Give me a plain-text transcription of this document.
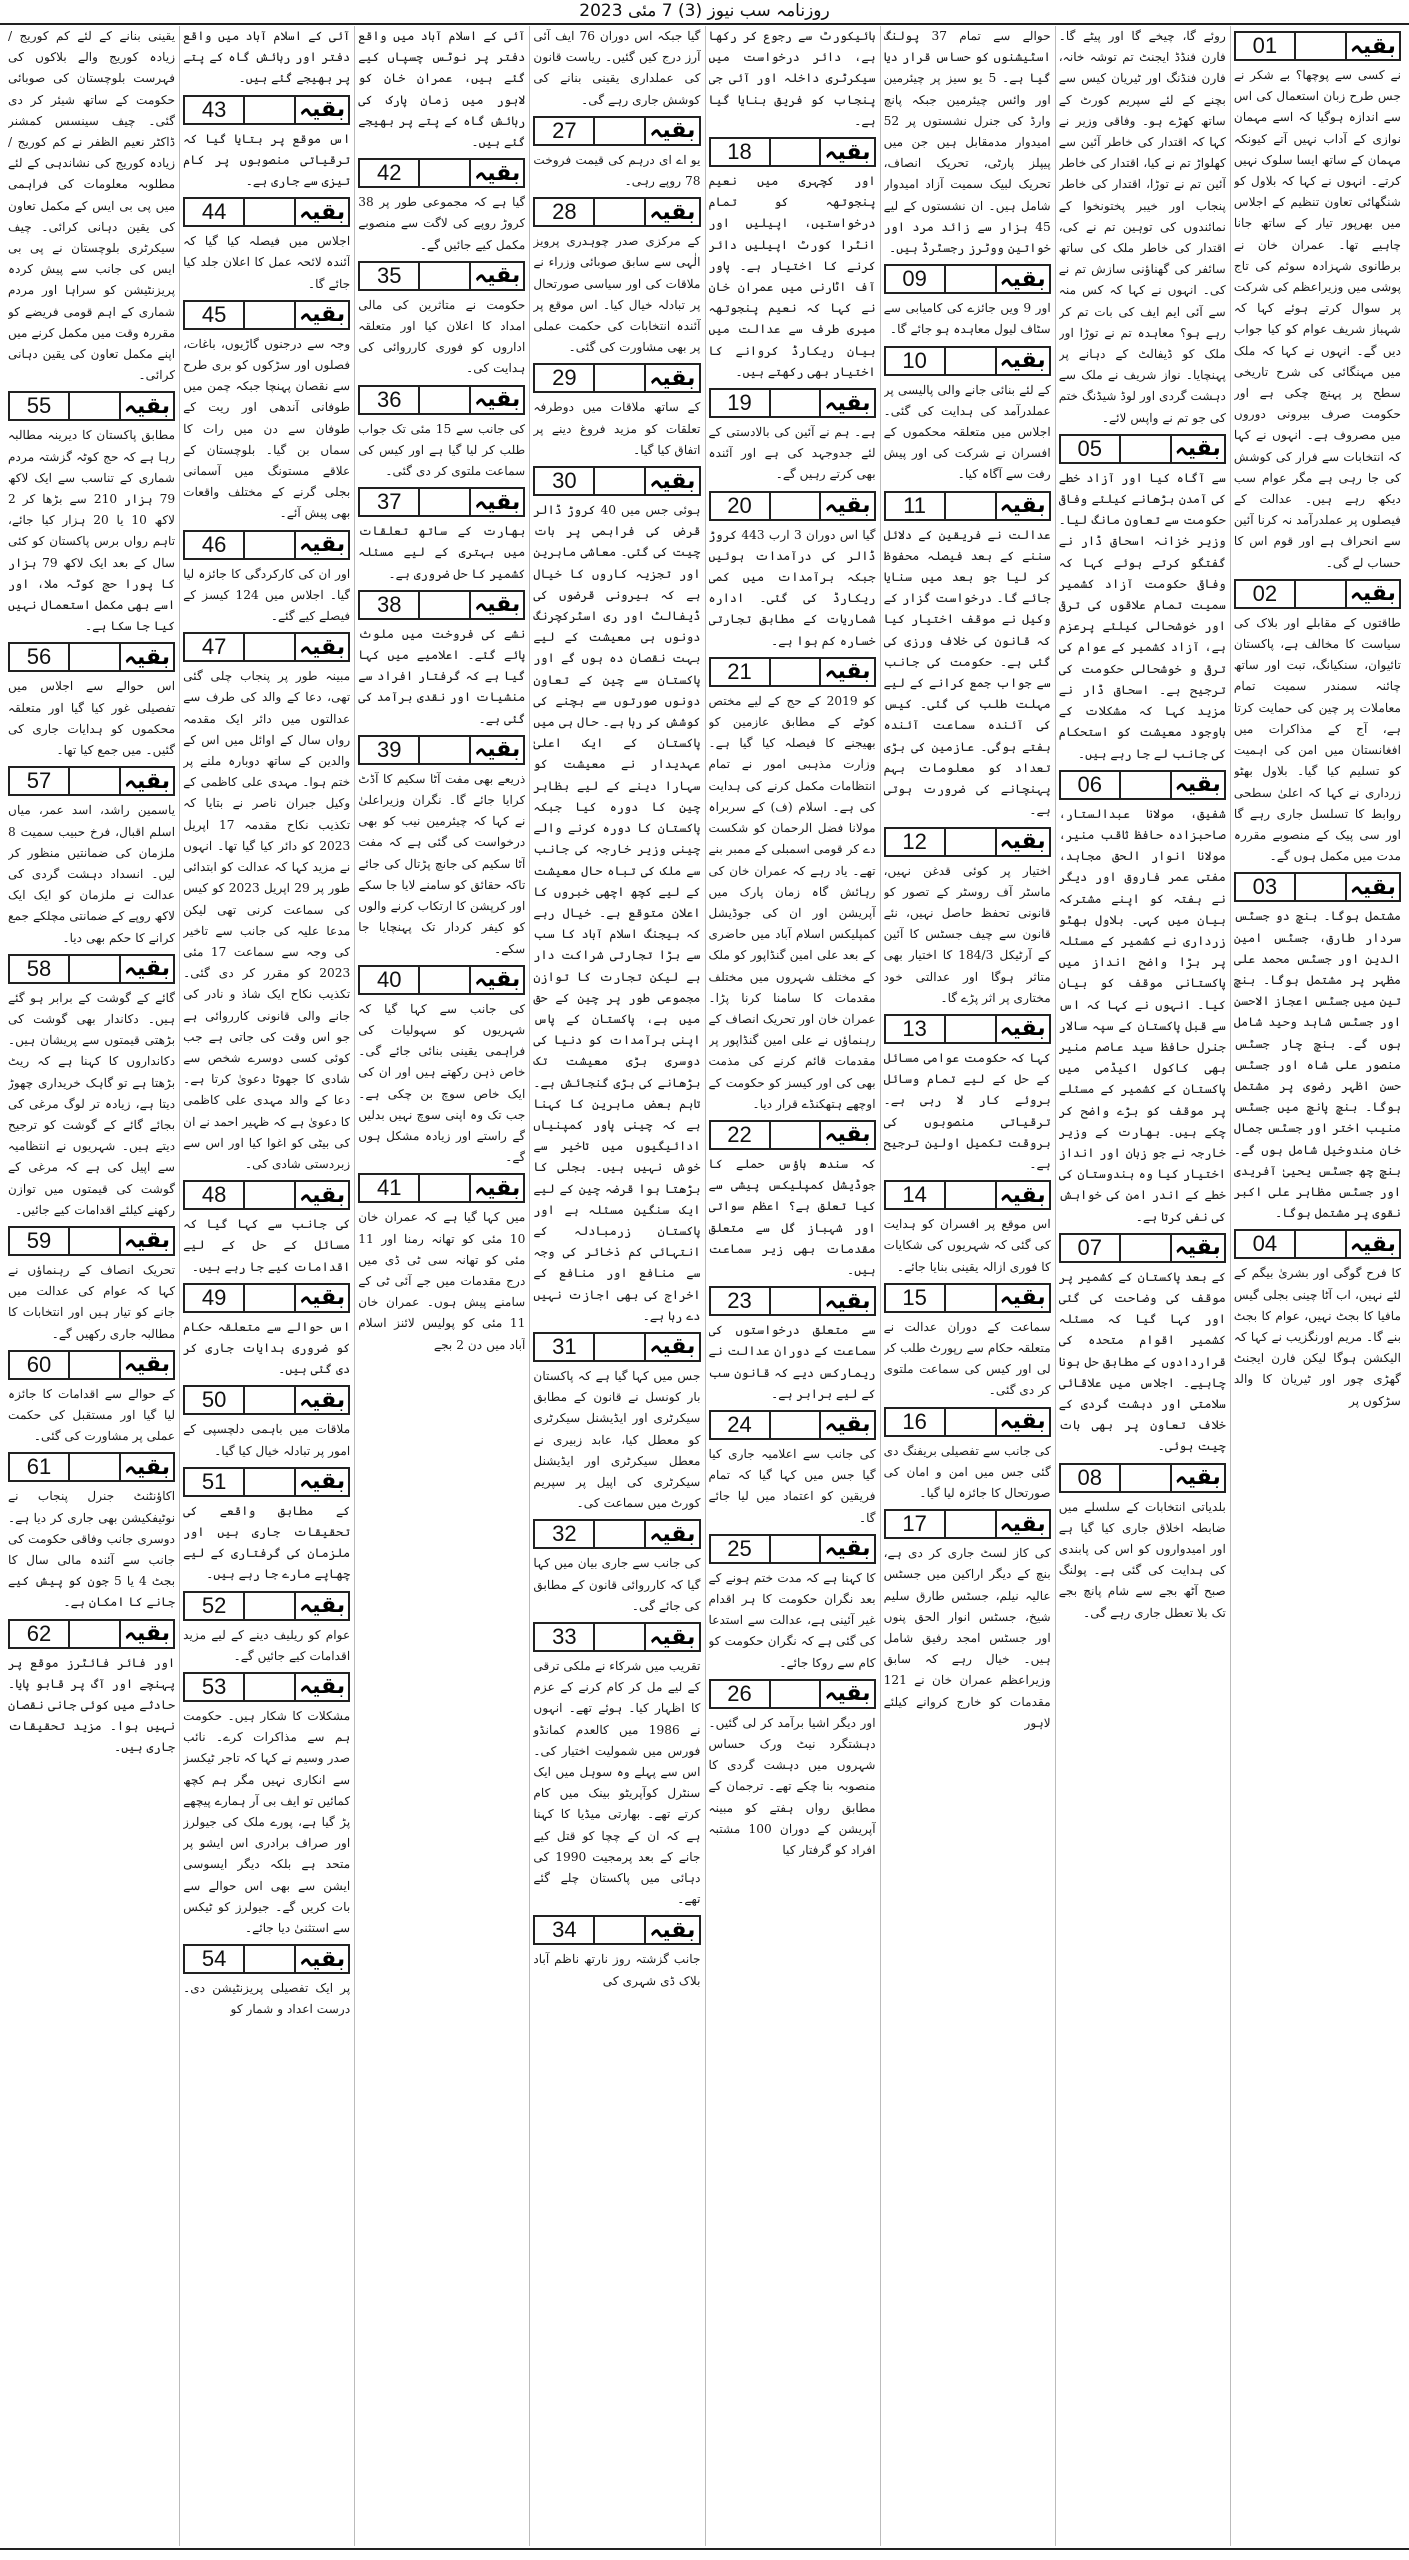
روزنامہ سب نیوز (3) 7 مئی 2023
بقیہ
01

نے کسی سے پوچھا؟ بے شکر نے جس طرح زبان استعمال کی اس سے اندازہ ہوگیا کہ اسے مہمان نوازی کے آداب نہیں آتے کیونکہ مہمان کے ساتھ ایسا سلوک نہیں کرتے۔ انہوں نے کہا کہ بلاول کو شنگھائی تعاون تنظیم کے اجلاس میں بھرپور تیار کے ساتھ جانا چاہیے تھا۔ عمران خان نے برطانوی شہزادہ سوئم کی تاج پوشی میں وزیراعظم کی شرکت پر سوال کرتے ہوئے کہا کہ شہباز شریف عوام کو کیا جواب دیں گے۔ انہوں نے کہا کہ ملک میں مہنگائی کی شرح تاریخی سطح پر پہنچ چکی ہے اور حکومت صرف بیرونی دوروں میں مصروف ہے۔ انہوں نے کہا کہ انتخابات سے فرار کی کوشش کی جا رہی ہے مگر عوام سب دیکھ رہے ہیں۔ عدالت کے فیصلوں پر عملدرآمد نہ کرنا آئین سے انحراف ہے اور قوم اس کا حساب لے گی۔

بقیہ
02

طاقتوں کے مقابلے اور بلاک کی سیاست کا مخالف ہے، پاکستان تائیوان، سنکیانگ، تبت اور ساتھ چائنہ سمندر سمیت تمام معاملات پر چین کی حمایت کرتا ہے، آج کے مذاکرات میں افغانستان میں امن کی اہمیت کو تسلیم کیا گیا۔ بلاول بھٹو زرداری نے کہا کہ اعلیٰ سطحی روابط کا تسلسل جاری رہے گا اور سی پیک کے منصوبے مقررہ مدت میں مکمل ہوں گے۔

بقیہ
03

مشتمل ہوگا۔ بنچ دو جسٹس سردار طارق، جسٹس امین الدین اور جسٹس محمد علی مظہر پر مشتمل ہوگا۔ بنچ تین میں جسٹس اعجاز الاحسن اور جسٹس شاہد وحید شامل ہوں گے۔ بنچ چار جسٹس منصور علی شاہ اور جسٹس حسن اظہر رضوی پر مشتمل ہوگا۔ بنچ پانچ میں جسٹس منیب اختر اور جسٹس جمال خان مندوخیل شامل ہوں گے۔ بنچ چھ جسٹس یحییٰ آفریدی اور جسٹس مظاہر علی اکبر نقوی پر مشتمل ہوگا۔

بقیہ
04

کا فرح گوگی اور بشریٰ بیگم کے لئے نہیں، اب آٹا چینی بجلی گیس مافیا کا بجٹ نہیں، عوام کا بجٹ بنے گا۔ مریم اورنگزیب نے کہا کہ الیکشن ہوگا لیکن فارن ایجنٹ گھڑی چور اور ٹیریان کا والد سڑکوں پر

روئے گا، چیخے گا اور پیٹے گا۔ فارن فنڈڈ ایجنٹ تم توشہ خانہ، فارن فنڈنگ اور ٹیریان کیس سے بچنے کے لئے سپریم کورٹ کے ساتھ کھڑے ہو۔ وفاقی وزیر نے کہا کہ اقتدار کی خاطر آئین سے کھلواڑ تم نے کیا، اقتدار کی خاطر آئین تم نے توڑا، اقتدار کی خاطر پنجاب اور خیبر پختونخوا کے نمائندوں کی توہین تم نے کی، اقتدار کی خاطر ملک کی ساتھ سائفر کی گھناؤنی سازش تم نے کی۔ انہوں نے کہا کہ کس منہ سے آئی ایم ایف کی بات تم کر رہے ہو؟ معاہدہ تم نے توڑا اور ملک کو ڈیفالٹ کے دہانے پر پہنچایا۔ نواز شریف نے ملک سے دہشت گردی اور لوڈ شیڈنگ ختم کی جو تم نے واپس لائے۔

بقیہ
05

سے آگاہ کیا اور آزاد خطے کی آمدن بڑھانے کیلئے وفاقی حکومت سے تعاون مانگ لیا۔ وزیر خزانہ اسحاق ڈار نے گفتگو کرتے ہوئے کہا کہ وفاقی حکومت آزاد کشمیر سمیت تمام علاقوں کی ترقی اور خوشحالی کیلئے پرعزم ہے، آزاد کشمیر کے عوام کی ترقی و خوشحالی حکومت کی ترجیح ہے۔ اسحاق ڈار نے مزید کہا کہ مشکلات کے باوجود معیشت کو استحکام کی جانب لے جا رہے ہیں۔

بقیہ
06

شفیق، مولانا عبدالستار، صاحبزادہ حافظ ثاقب منیر، مولانا انوار الحق مجاہد، مفتی عمر فاروق اور دیگر نے ہفتہ کو اپنے مشترکہ بیان میں کہی۔ بلاول بھٹو زرداری نے کشمیر کے مسئلہ پر بڑا واضح انداز میں پاکستانی موقف کو بیان کیا۔ انہوں نے کہا کہ اس سے قبل پاکستان کے سپہ سالار جنرل حافظ سید عاصم منیر بھی کاکول اکیڈمی میں پاکستان کے کشمیر کے مسئلے پر موقف کو بڑے واضح کر چکے ہیں۔ بھارت کے وزیر خارجہ نے جو زبان اور انداز اختیار کیا وہ ہندوستان کی خطے کے اندر امن کی خواہش کی نفی کرتا ہے۔

بقیہ
07

کے بعد پاکستان کے کشمیر پر موقف کی وضاحت کی گئی اور کہا گیا کہ مسئلہ کشمیر اقوام متحدہ کی قراردادوں کے مطابق حل ہونا چاہیے۔ اجلاس میں علاقائی سلامتی اور دہشت گردی کے خلاف تعاون پر بھی بات چیت ہوئی۔

بقیہ
08

بلدیاتی انتخابات کے سلسلے میں ضابطہ اخلاق جاری کیا گیا ہے اور امیدواروں کو اس کی پابندی کی ہدایت کی گئی ہے۔ پولنگ صبح آٹھ بجے سے شام پانچ بجے تک بلا تعطل جاری رہے گی۔

حوالے سے تمام 37 پولنگ اسٹیشنوں کو حساس قرار دیا گیا ہے۔ 5 یو سیز پر چیئرمین اور وائس چیئرمین جبکہ پانچ وارڈ کی جنرل نشستوں پر 52 امیدوار مدمقابل ہیں جن میں پیپلز پارٹی، تحریک انصاف، تحریک لبیک سمیت آزاد امیدوار شامل ہیں۔ ان نشستوں کے لیے 45 ہزار سے زائد مرد اور خواتین ووٹرز رجسٹرڈ ہیں۔

بقیہ
09

اور 9 ویں جائزے کی کامیابی سے سٹاف لیول معاہدہ ہو جائے گا۔

بقیہ
10

کے لئے بنائی جانے والی پالیسی پر عملدرآمد کی ہدایت کی گئی۔ اجلاس میں متعلقہ محکموں کے افسران نے شرکت کی اور پیش رفت سے آگاہ کیا۔

بقیہ
11

عدالت نے فریقین کے دلائل سننے کے بعد فیصلہ محفوظ کر لیا جو بعد میں سنایا جائے گا۔ درخواست گزار کے وکیل نے موقف اختیار کیا کہ قانون کی خلاف ورزی کی گئی ہے۔ حکومت کی جانب سے جواب جمع کرانے کے لیے مہلت طلب کی گئی۔ کیس کی آئندہ سماعت آئندہ ہفتے ہوگی۔ عازمین کی بڑی تعداد کو معلومات بہم پہنچانے کی ضرورت ہوتی ہے۔

بقیہ
12

اختیار پر کوئی قدغن نہیں، ماسٹر آف روسٹر کے تصور کو قانونی تحفظ حاصل نہیں، نئے قانون سے چیف جسٹس کا آئین کے آرٹیکل 184/3 کا اختیار بھی متاثر ہوگا اور عدالتی خود مختاری پر اثر پڑے گا۔

بقیہ
13

کہا کہ حکومت عوامی مسائل کے حل کے لیے تمام وسائل بروئے کار لا رہی ہے۔ ترقیاتی منصوبوں کی بروقت تکمیل اولین ترجیح ہے۔

بقیہ
14

اس موقع پر افسران کو ہدایت کی گئی کہ شہریوں کی شکایات کا فوری ازالہ یقینی بنایا جائے۔

بقیہ
15

سماعت کے دوران عدالت نے متعلقہ حکام سے رپورٹ طلب کر لی اور کیس کی سماعت ملتوی کر دی گئی۔

بقیہ
16

کی جانب سے تفصیلی بریفنگ دی گئی جس میں امن و امان کی صورتحال کا جائزہ لیا گیا۔

بقیہ
17

کی کاز لسٹ جاری کر دی ہے، بنچ کے دیگر اراکین میں جسٹس عالیہ نیلم، جسٹس طارق سلیم شیخ، جسٹس انوار الحق پنوں اور جسٹس امجد رفیق شامل ہیں۔ خیال رہے کہ سابق وزیراعظم عمران خان نے 121 مقدمات کو خارج کروانے کیلئے لاہور

ہائیکورٹ سے رجوع کر رکھا ہے، دائر درخواست میں سیکرٹری داخلہ اور آئی جی پنجاب کو فریق بنایا گیا ہے۔

بقیہ
18

اور کچہری میں نعیم پنجوتھہ کو تمام درخواستیں، اپیلیں اور انٹرا کورٹ اپیلیں دائر کرنے کا اختیار ہے۔ پاور آف اٹارنی میں عمران خان نے کہا کہ نعیم پنجوتھہ میری طرف سے عدالت میں بیان ریکارڈ کروانے کا اختیار بھی رکھتے ہیں۔

بقیہ
19

ہے۔ ہم نے آئین کی بالادستی کے لئے جدوجہد کی ہے اور آئندہ بھی کرتے رہیں گے۔

بقیہ
20

گیا اس دوران 3 ارب 443 کروڑ ڈالر کی درآمدات ہوئیں جبکہ برآمدات میں کمی ریکارڈ کی گئی۔ ادارہ شماریات کے مطابق تجارتی خسارہ کم ہوا ہے۔

بقیہ
21

کو 2019 کے حج کے لیے مختص کوٹے کے مطابق عازمین کو بھیجنے کا فیصلہ کیا گیا ہے۔ وزارت مذہبی امور نے تمام انتظامات مکمل کرنے کی ہدایت کی ہے۔ اسلام (ف) کے سربراہ مولانا فضل الرحمان کو شکست دے کر قومی اسمبلی کے ممبر بنے تھے۔ یاد رہے کہ عمران خان کی رہائش گاہ زمان پارک میں آپریشن اور ان کی جوڈیشل کمپلیکس اسلام آباد میں حاضری کے بعد علی امین گنڈاپور کو ملک کے مختلف شہروں میں مختلف مقدمات کا سامنا کرنا پڑا۔ عمران خان اور تحریک انصاف کے رہنماؤں نے علی امین گنڈاپور پر مقدمات قائم کرنے کی مذمت بھی کی اور کیسز کو حکومت کے اوچھے ہتھکنڈے قرار دیا۔

بقیہ
22

کہ سندھ ہاؤس حملے کا جوڈیشل کمپلیکس پیشی سے کیا تعلق ہے؟ اعظم سواتی اور شہباز گل سے متعلق مقدمات بھی زیر سماعت ہیں۔

بقیہ
23

سے متعلق درخواستوں کی سماعت کے دوران عدالت نے ریمارکس دیے کہ قانون سب کے لیے برابر ہے۔

بقیہ
24

کی جانب سے اعلامیہ جاری کیا گیا جس میں کہا گیا کہ تمام فریقین کو اعتماد میں لیا جائے گا۔

بقیہ
25

کا کہنا ہے کہ مدت ختم ہونے کے بعد نگران حکومت کا ہر اقدام غیر آئینی ہے، عدالت سے استدعا کی گئی ہے کہ نگران حکومت کو کام سے روکا جائے۔

بقیہ
26

اور دیگر اشیا برآمد کر لی گئیں۔ دہشتگرد نیٹ ورک حساس شہروں میں دہشت گردی کا منصوبہ بنا چکے تھے۔ ترجمان کے مطابق رواں ہفتے کو مبینہ آپریشن کے دوران 100 مشتبہ افراد کو گرفتار کیا

گیا جبکہ اس دوران 76 ایف آئی آرز درج کیں گئیں۔ ریاست قانون کی عملداری یقینی بنانے کی کوشش جاری رہے گی۔

بقیہ
27

یو اے ای درہم کی قیمت فروخت 78 روپے رہی۔

بقیہ
28

کے مرکزی صدر چوہدری پرویز الٰہی سے سابق صوبائی وزراء نے ملاقات کی اور سیاسی صورتحال پر تبادلہ خیال کیا۔ اس موقع پر آئندہ انتخابات کی حکمت عملی پر بھی مشاورت کی گئی۔

بقیہ
29

کے ساتھ ملاقات میں دوطرفہ تعلقات کو مزید فروغ دینے پر اتفاق کیا گیا۔

بقیہ
30

ہوئی جس میں 40 کروڑ ڈالر قرض کی فراہمی پر بات چیت کی گئی۔ معاشی ماہرین اور تجزیہ کاروں کا خیال ہے کہ بیرونی قرضوں کی ڈیفالٹ اور ری اسٹرکچرنگ دونوں ہی معیشت کے لیے بہت نقصان دہ ہوں گے اور پاکستان سے چین کے تعاون دونوں صورتوں سے بچنے کی کوشش کر رہا ہے۔ حال ہی میں پاکستان کے ایک اعلیٰ عہدیدار نے معیشت کو سہارا دینے کے لیے بظاہر چین کا دورہ کیا جبکہ پاکستان کا دورہ کرنے والے چینی وزیر خارجہ کی جانب سے ملک کی تباہ حال معیشت کے لیے کچھ اچھی خبروں کا اعلان متوقع ہے۔ خیال رہے کہ بیجنگ اسلام آباد کا سب سے بڑا تجارتی شراکت دار ہے لیکن تجارت کا توازن مجموعی طور پر چین کے حق میں ہے، پاکستان کے پاس اپنی برآمدات کو دنیا کی دوسری بڑی معیشت تک بڑھانے کی بڑی گنجائش ہے۔ تاہم بعض ماہرین کا کہنا ہے کہ چینی پاور کمپنیاں ادائیگیوں میں تاخیر سے خوش نہیں ہیں۔ بجلی کا بڑھتا ہوا قرضہ چین کے لیے ایک سنگین مسئلہ ہے اور پاکستان زرمبادلہ کے انتہائی کم ذخائر کی وجہ سے منافع اور منافع کے اخراج کی بھی اجازت نہیں دے رہا ہے۔

بقیہ
31

جس میں کہا گیا ہے کہ پاکستان بار کونسل نے قانون کے مطابق سیکرٹری اور ایڈیشنل سیکرٹری کو معطل کیا، عابد زبیری نے معطل سیکرٹری اور ایڈیشنل سیکرٹری کی اپیل پر سپریم کورٹ میں سماعت کی۔

بقیہ
32

کی جانب سے جاری بیان میں کہا گیا کہ کارروائی قانون کے مطابق کی جائے گی۔

بقیہ
33

تقریب میں شرکاء نے ملکی ترقی کے لیے مل کر کام کرنے کے عزم کا اظہار کیا۔ ہوئے تھے۔ انہوں نے 1986 میں کالعدم کمانڈو فورس میں شمولیت اختیار کی۔ اس سے پہلے وہ سوہل میں ایک سنٹرل کوآپریٹو بینک میں کام کرتے تھے۔ بھارتی میڈیا کا کہنا ہے کہ ان کے چچا کو قتل کیے جانے کے بعد پرمجیت 1990 کی دہائی میں پاکستان چلے گئے تھے۔

بقیہ
34

جانب گزشتہ روز نارتھ ناظم آباد بلاک ڈی شہری کی

آئی کے اسلام آباد میں واقع دفتر پر نوٹس چسپاں کیے گئے ہیں، عمران خان کو لاہور میں زمان پارک کی رہائش گاہ کے پتے پر بھیجے گئے ہیں۔

بقیہ
42

گیا ہے کہ مجموعی طور پر 38 کروڑ روپے کی لاگت سے منصوبے مکمل کیے جائیں گے۔

بقیہ
35

حکومت نے متاثرین کی مالی امداد کا اعلان کیا اور متعلقہ اداروں کو فوری کارروائی کی ہدایت کی۔

بقیہ
36

کی جانب سے 15 مئی تک جواب طلب کر لیا گیا ہے اور کیس کی سماعت ملتوی کر دی گئی۔

بقیہ
37

بھارت کے ساتھ تعلقات میں بہتری کے لیے مسئلہ کشمیر کا حل ضروری ہے۔

بقیہ
38

نشے کی فروخت میں ملوث پائے گئے۔ اعلامیے میں کہا گیا ہے کہ گرفتار افراد سے منشیات اور نقدی برآمد کی گئی ہے۔

بقیہ
39

ذریعے بھی مفت آٹا سکیم کا آڈٹ کرایا جائے گا۔ نگران وزیراعلیٰ نے کہا کہ چیئرمین نیب کو بھی درخواست کی گئی ہے کہ مفت آٹا سکیم کی جانچ پڑتال کی جائے تاکہ حقائق کو سامنے لایا جا سکے اور کرپشن کا ارتکاب کرنے والوں کو کیفر کردار تک پہنچایا جا سکے۔

بقیہ
40

کی جانب سے کہا گیا کہ شہریوں کو سہولیات کی فراہمی یقینی بنائی جائے گی۔ خاص ذہن رکھتے ہیں اور ان کی ایک خاص سوچ بن چکی ہے۔ جب تک وہ اپنی سوچ نہیں بدلیں گے راستے اور زیادہ مشکل ہوں گے۔

بقیہ
41

میں کہا گیا ہے کہ عمران خان 10 مئی کو تھانہ رمنا اور 11 مئی کو تھانہ سی ٹی ڈی میں درج مقدمات میں جے آئی ٹی کے سامنے پیش ہوں۔ عمران خان 11 مئی کو پولیس لائنز اسلام آباد میں دن 2 بجے

آئی کے اسلام آباد میں واقع دفتر اور رہائش گاہ کے پتے پر بھیجے گئے ہیں۔

بقیہ
43

اس موقع پر بتایا گیا کہ ترقیاتی منصوبوں پر کام تیزی سے جاری ہے۔

بقیہ
44

اجلاس میں فیصلہ کیا گیا کہ آئندہ لائحہ عمل کا اعلان جلد کیا جائے گا۔

بقیہ
45

وجہ سے درجنوں گاڑیوں، باغات، فصلوں اور سڑکوں کو بری طرح سے نقصان پہنچا جبکہ چمن میں طوفانی آندھی اور ریت کے طوفان سے دن میں رات کا سماں بن گیا۔ بلوچستان کے علاقے مستونگ میں آسمانی بجلی گرنے کے مختلف واقعات بھی پیش آئے۔

بقیہ
46

اور ان کی کارکردگی کا جائزہ لیا گیا۔ اجلاس میں 124 کیسز کے فیصلے کیے گئے۔

بقیہ
47

مبینہ طور پر پنجاب چلی گئی تھی، دعا کے والد کی طرف سے عدالتوں میں دائر ایک مقدمہ رواں سال کے اوائل میں اس کے والدین کے ساتھ دوبارہ ملنے پر ختم ہوا۔ مہدی علی کاظمی کے وکیل جبران ناصر نے بتایا کہ تکذیب نکاح مقدمہ 17 اپریل 2023 کو دائر کیا گیا تھا۔ انہوں نے مزید کہا کہ عدالت کو ابتدائی طور پر 29 اپریل 2023 کو کیس کی سماعت کرنی تھی لیکن مدعا علیہ کی جانب سے تاخیر کی وجہ سے سماعت 17 مئی 2023 کو مقرر کر دی گئی۔ تکذیب نکاح ایک شاذ و نادر کی جانے والی قانونی کارروائی ہے جو اس وقت کی جاتی ہے جب کوئی کسی دوسرے شخص سے شادی کا جھوٹا دعویٰ کرتا ہے۔ دعا کے والد مہدی علی کاظمی کا دعویٰ ہے کہ ظہیر احمد نے ان کی بیٹی کو اغوا کیا اور اس سے زبردستی شادی کی۔

بقیہ
48

کی جانب سے کہا گیا کہ مسائل کے حل کے لیے اقدامات کیے جا رہے ہیں۔

بقیہ
49

اس حوالے سے متعلقہ حکام کو ضروری ہدایات جاری کر دی گئی ہیں۔

بقیہ
50

ملاقات میں باہمی دلچسپی کے امور پر تبادلہ خیال کیا گیا۔

بقیہ
51

کے مطابق واقعے کی تحقیقات جاری ہیں اور ملزمان کی گرفتاری کے لیے چھاپے مارے جا رہے ہیں۔

بقیہ
52

عوام کو ریلیف دینے کے لیے مزید اقدامات کیے جائیں گے۔

بقیہ
53

مشکلات کا شکار ہیں۔ حکومت ہم سے مذاکرات کرے۔ نائب صدر وسیم نے کہا کہ تاجر ٹیکسز سے انکاری نہیں مگر ہم کچھ کمائیں تو ایف بی آر ہمارے پیچھے پڑ گیا ہے، پورے ملک کی جیولرز اور صراف برادری اس ایشو پر متحد ہے بلکہ دیگر ایسوسی ایشن سے بھی اس حوالے سے بات کریں گے۔ جیولرز کو ٹیکس سے استثنیٰ دیا جائے۔

بقیہ
54

پر ایک تفصیلی پریزنٹیشن دی۔ درست اعداد و شمار کو

یقینی بنانے کے لئے کم کوریج / زیادہ کوریج والے بلاکوں کی فہرست بلوچستان کی صوبائی حکومت کے ساتھ شیئر کر دی گئی۔ چیف سینسس کمشنر ڈاکٹر نعیم الظفر نے کم کوریج / زیادہ کوریج کی نشاندہی کے لئے مطلوبہ معلومات کی فراہمی میں پی بی ایس کے مکمل تعاون کی یقین دہانی کرائی۔ چیف سیکرٹری بلوچستان نے پی بی ایس کی جانب سے پیش کردہ پریزنٹیشن کو سراہا اور مردم شماری کے اہم قومی فریضے کو مقررہ وقت میں مکمل کرنے میں اپنے مکمل تعاون کی یقین دہانی کرائی۔

بقیہ
55

مطابق پاکستان کا دیرینہ مطالبہ رہا ہے کہ حج کوٹہ گزشتہ مردم شماری کے تناسب سے ایک لاکھ 79 ہزار 210 سے بڑھا کر 2 لاکھ 10 یا 20 ہزار کیا جائے، تاہم رواں برس پاکستان کو کئی سال کے بعد ایک لاکھ 79 ہزار کا پورا حج کوٹہ ملا، اور اسے بھی مکمل استعمال نہیں کیا جا سکا ہے۔

بقیہ
56

اس حوالے سے اجلاس میں تفصیلی غور کیا گیا اور متعلقہ محکموں کو ہدایات جاری کی گئیں۔ میں جمع کیا تھا۔

بقیہ
57

یاسمین راشد، اسد عمر، میاں اسلم اقبال، فرخ حبیب سمیت 8 ملزمان کی ضمانتیں منظور کر لیں۔ انسداد دہشت گردی کی عدالت نے ملزمان کو ایک ایک لاکھ روپے کے ضمانتی مچلکے جمع کرانے کا حکم بھی دیا۔

بقیہ
58

گائے کے گوشت کے برابر ہو گئے ہیں۔ دکاندار بھی گوشت کی بڑھتی قیمتوں سے پریشان ہیں۔ دکانداروں کا کہنا ہے کہ ریٹ بڑھتا ہے تو گاہک خریداری چھوڑ دیتا ہے، زیادہ تر لوگ مرغی کی بجائے گائے کے گوشت کو ترجیح دیتے ہیں۔ شہریوں نے انتظامیہ سے اپیل کی ہے کہ مرغی کے گوشت کی قیمتوں میں توازن رکھنے کیلئے اقدامات کیے جائیں۔

بقیہ
59

تحریک انصاف کے رہنماؤں نے کہا کہ عوام کی عدالت میں جانے کو تیار ہیں اور انتخابات کا مطالبہ جاری رکھیں گے۔

بقیہ
60

کے حوالے سے اقدامات کا جائزہ لیا گیا اور مستقبل کی حکمت عملی پر مشاورت کی گئی۔

بقیہ
61

اکاؤنٹنٹ جنرل پنجاب نے نوٹیفکیشن بھی جاری کر دیا ہے۔ دوسری جانب وفاقی حکومت کی جانب سے آئندہ مالی سال کا بجٹ 4 یا 5 جون کو پیش کیے جانے کا امکان ہے۔

بقیہ
62

اور فائر فائٹرز موقع پر پہنچے اور آگ پر قابو پایا۔ حادثے میں کوئی جانی نقصان نہیں ہوا۔ مزید تحقیقات جاری ہیں۔
